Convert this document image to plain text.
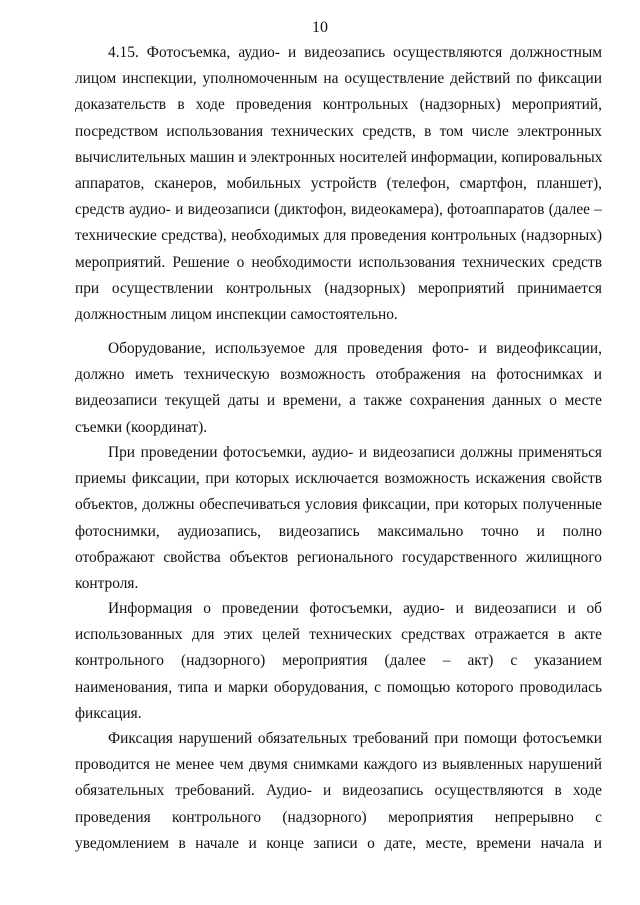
10
4.15. Фотосъемка, аудио- и видеозапись осуществляются должностным
лицом инспекции, уполномоченным на осуществление действий по фиксации
доказательств в ходе проведения контрольных (надзорных) мероприятий,
посредством использования технических средств, в том числе электронных
вычислительных машин и электронных носителей информации, копировальных
аппаратов, сканеров, мобильных устройств (телефон, смартфон, планшет),
средств аудио- и видеозаписи (диктофон, видеокамера), фотоаппаратов (далее –
технические средства), необходимых для проведения контрольных (надзорных)
мероприятий. Решение о необходимости использования технических средств
при осуществлении контрольных (надзорных) мероприятий принимается
должностным лицом инспекции самостоятельно.
Оборудование, используемое для проведения фото- и видеофиксации,
должно иметь техническую возможность отображения на фотоснимках и
видеозаписи текущей даты и времени, а также сохранения данных о месте
съемки (координат).
При проведении фотосъемки, аудио- и видеозаписи должны применяться
приемы фиксации, при которых исключается возможность искажения свойств
объектов, должны обеспечиваться условия фиксации, при которых полученные
фотоснимки, аудиозапись, видеозапись максимально точно и полно
отображают свойства объектов регионального государственного жилищного
контроля.
Информация о проведении фотосъемки, аудио- и видеозаписи и об
использованных для этих целей технических средствах отражается в акте
контрольного (надзорного) мероприятия (далее – акт) с указанием
наименования, типа и марки оборудования, с помощью которого проводилась
фиксация.
Фиксация нарушений обязательных требований при помощи фотосъемки
проводится не менее чем двумя снимками каждого из выявленных нарушений
обязательных требований. Аудио- и видеозапись осуществляются в ходе
проведения контрольного (надзорного) мероприятия непрерывно с
уведомлением в начале и конце записи о дате, месте, времени начала и
